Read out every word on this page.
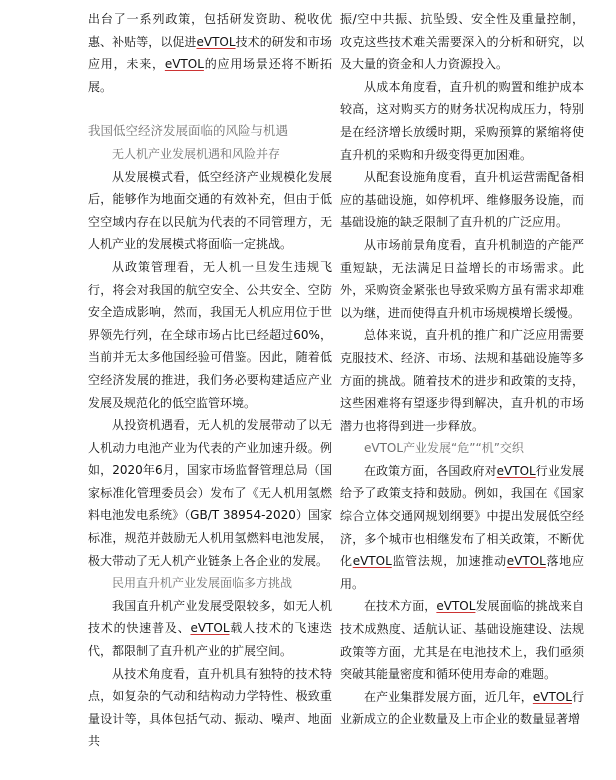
出台了一系列政策，包括研发资助、税收优惠、补贴等，以促进eVTOL技术的研发和市场应用，未来，eVTOL的应用场景还将不断拓展。

我国低空经济发展面临的风险与机遇
无人机产业发展机遇和风险并存

从发展模式看，低空经济产业规模化发展后，能够作为地面交通的有效补充，但由于低空空域内存在以民航为代表的不同管理方，无人机产业的发展模式将面临一定挑战。

从政策管理看，无人机一旦发生违规飞行，将会对我国的航空安全、公共安全、空防安全造成影响，然而，我国无人机应用位于世界领先行列，在全球市场占比已经超过60%，当前并无太多他国经验可借鉴。因此，随着低空经济发展的推进，我们务必要构建适应产业发展及规范化的低空监管环境。

从投资机遇看，无人机的发展带动了以无人机动力电池产业为代表的产业加速升级。例如，2020年6月，国家市场监督管理总局（国家标准化管理委员会）发布了《无人机用氢燃料电池发电系统》（GB/T 38954-2020）国家标准，规范并鼓励无人机用氢燃料电池发展，极大带动了无人机产业链条上各企业的发展。

民用直升机产业发展面临多方挑战

我国直升机产业发展受限较多，如无人机技术的快速普及、eVTOL载人技术的飞速迭代，都限制了直升机产业的扩展空间。

从技术角度看，直升机具有独特的技术特点，如复杂的气动和结构动力学特性、极致重量设计等，具体包括气动、振动、噪声、地面共

振/空中共振、抗坠毁、安全性及重量控制，攻克这些技术难关需要深入的分析和研究，以及大量的资金和人力资源投入。

从成本角度看，直升机的购置和维护成本较高，这对购买方的财务状况构成压力，特别是在经济增长放缓时期，采购预算的紧缩将使直升机的采购和升级变得更加困难。

从配套设施角度看，直升机运营需配备相应的基础设施，如停机坪、维修服务设施，而基础设施的缺乏限制了直升机的广泛应用。

从市场前景角度看，直升机制造的产能严重短缺，无法满足日益增长的市场需求。此外，采购资金紧张也导致采购方虽有需求却难以为继，进而使得直升机市场规模增长缓慢。

总体来说，直升机的推广和广泛应用需要克服技术、经济、市场、法规和基础设施等多方面的挑战。随着技术的进步和政策的支持，这些困难将有望逐步得到解决，直升机的市场潜力也将得到进一步释放。

eVTOL产业发展“危”“机”交织

在政策方面，各国政府对eVTOL行业发展给予了政策支持和鼓励。例如，我国在《国家综合立体交通网规划纲要》中提出发展低空经济，多个城市也相继发布了相关政策，不断优化eVTOL监管法规，加速推动eVTOL落地应用。

在技术方面，eVTOL发展面临的挑战来自技术成熟度、适航认证、基础设施建设、法规政策等方面，尤其是在电池技术上，我们亟须突破其能量密度和循环使用寿命的难题。

在产业集群发展方面，近几年，eVTOL行业新成立的企业数量及上市企业的数量显著增
